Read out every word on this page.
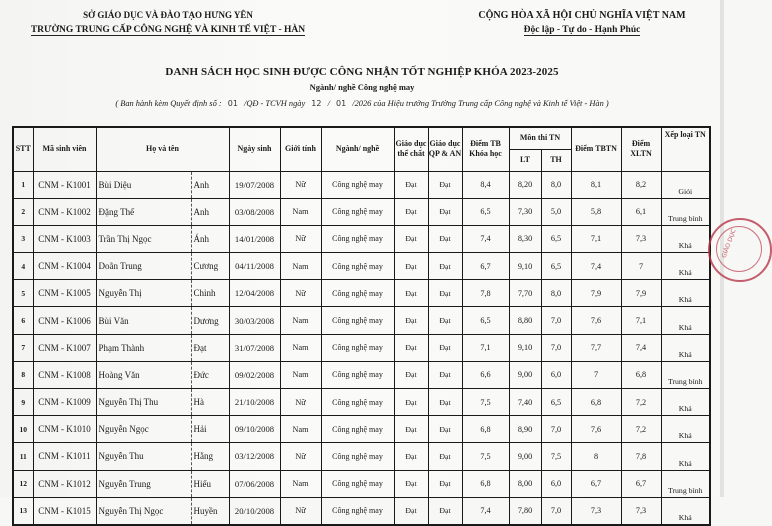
SỞ GIÁO DỤC VÀ ĐÀO TẠO HƯNG YÊN
TRƯỜNG TRUNG CẤP CÔNG NGHỆ VÀ KINH TẾ VIỆT - HÀN
CỘNG HÒA XÃ HỘI CHỦ NGHĨA VIỆT NAM
Độc lập - Tự do - Hạnh Phúc
DANH SÁCH HỌC SINH ĐƯỢC CÔNG NHẬN TỐT NGHIỆP KHÓA 2023-2025
Ngành/ nghề Công nghệ may
( Ban hành kèm Quyết định số : 01 /QĐ - TCVH ngày 12 / 01 /2026 của Hiệu trưởng Trường Trung cấp Công nghệ và Kinh tế Việt - Hàn )
STT	Mã sinh viên	Họ và tên		Ngày sinh	Giới tính	Ngành/ nghề	Giáo dục thể chất	Giáo dục QP & AN	Điểm TB Khóa học	Môn thi TN		Điểm TBTN	Điểm XLTN	Xếp loại TN
										LT	TH			
1	CNM - K1001	Bùi Diệu	Anh	19/07/2008	Nữ	Công nghệ may	Đạt	Đạt	8,4	8,20	8,0	8,1	8,2	Giỏi
2	CNM - K1002	Đặng Thế	Anh	03/08/2008	Nam	Công nghệ may	Đạt	Đạt	6,5	7,30	5,0	5,8	6,1	Trung bình
3	CNM - K1003	Trần Thị Ngọc	Ánh	14/01/2008	Nữ	Công nghệ may	Đạt	Đạt	7,4	8,30	6,5	7,1	7,3	Khá
4	CNM - K1004	Doãn Trung	Cương	04/11/2008	Nam	Công nghệ may	Đạt	Đạt	6,7	9,10	6,5	7,4	7	Khá
5	CNM - K1005	Nguyễn Thị	Chinh	12/04/2008	Nữ	Công nghệ may	Đạt	Đạt	7,8	7,70	8,0	7,9	7,9	Khá
6	CNM - K1006	Bùi Văn	Dương	30/03/2008	Nam	Công nghệ may	Đạt	Đạt	6,5	8,80	7,0	7,6	7,1	Khá
7	CNM - K1007	Phạm Thành	Đạt	31/07/2008	Nam	Công nghệ may	Đạt	Đạt	7,1	9,10	7,0	7,7	7,4	Khá
8	CNM - K1008	Hoàng Văn	Đức	09/02/2008	Nam	Công nghệ may	Đạt	Đạt	6,6	9,00	6,0	7	6,8	Trung bình
9	CNM - K1009	Nguyễn Thị Thu	Hà	21/10/2008	Nữ	Công nghệ may	Đạt	Đạt	7,5	7,40	6,5	6,8	7,2	Khá
10	CNM - K1010	Nguyễn Ngọc	Hải	09/10/2008	Nam	Công nghệ may	Đạt	Đạt	6,8	8,90	7,0	7,6	7,2	Khá
11	CNM - K1011	Nguyễn Thu	Hằng	03/12/2008	Nữ	Công nghệ may	Đạt	Đạt	7,5	9,00	7,5	8	7,8	Khá
12	CNM - K1012	Nguyễn Trung	Hiếu	07/06/2008	Nam	Công nghệ may	Đạt	Đạt	6,8	8,00	6,0	6,7	6,7	Trung bình
13	CNM - K1015	Nguyễn Thị Ngọc	Huyền	20/10/2008	Nữ	Công nghệ may	Đạt	Đạt	7,4	7,80	7,0	7,3	7,3	Khá
GIÁO DỤC
